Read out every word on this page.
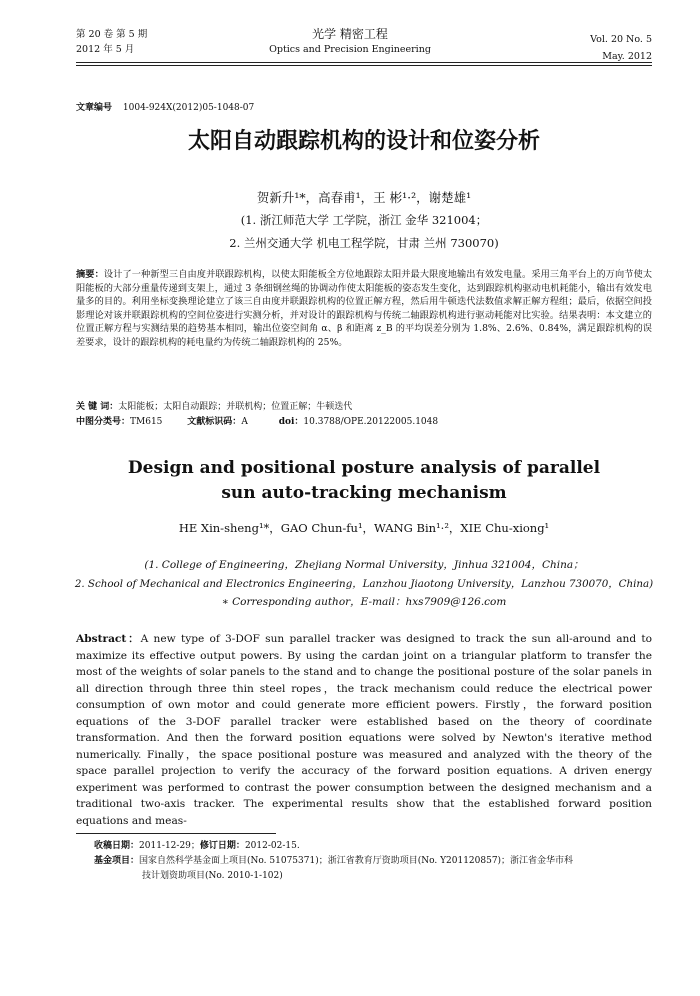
第 20 卷 第 5 期
2012 年 5 月
光学 精密工程
Optics and Precision Engineering
Vol. 20 No. 5
May. 2012
文章编号 1004-924X(2012)05-1048-07
太阳自动跟踪机构的设计和位姿分析
贺新升¹*，高春甫¹，王 彬¹·²，谢楚雄¹
(1. 浙江师范大学 工学院，浙江 金华 321004；
2. 兰州交通大学 机电工程学院，甘肃 兰州 730070)
摘要：设计了一种新型三自由度并联跟踪机构，以使太阳能板全方位地跟踪太阳并最大限度地输出有效发电量。采用三角平台上的万向节使太阳能板的大部分重量传递到支架上，通过 3 条细钢丝绳的协调动作使太阳能板的姿态发生变化，达到跟踪机构驱动电机耗能小，输出有效发电量多的目的。利用坐标变换理论建立了该三自由度并联跟踪机构的位置正解方程，然后用牛顿迭代法数值求解正解方程组；最后，依据空间投影理论对该并联跟踪机构的空间位姿进行实测分析，并对设计的跟踪机构与传统二轴跟踪机构进行驱动耗能对比实验。结果表明：本文建立的位置正解方程与实测结果的趋势基本相同，输出位姿空间角 α、β 和距离 z_B 的平均误差分别为 1.8%、2.6%、0.84%，满足跟踪机构的误差要求，设计的跟踪机构的耗电量约为传统二轴跟踪机构的 25%。
关 键 词：太阳能板；太阳自动跟踪；并联机构；位置正解；牛顿迭代
中图分类号：TM615	文献标识码：A	doi：10.3788/OPE.20122005.1048
Design and positional posture analysis of parallel
sun auto-tracking mechanism
HE Xin-sheng¹*，GAO Chun-fu¹，WANG Bin¹·²，XIE Chu-xiong¹
(1. College of Engineering，Zhejiang Normal University，Jinhua 321004，China；
2. School of Mechanical and Electronics Engineering，Lanzhou Jiaotong University，Lanzhou 730070，China)
∗ Corresponding author，E-mail：hxs7909@126.com
Abstract：A new type of 3-DOF sun parallel tracker was designed to track the sun all-around and to maximize its effective output powers. By using the cardan joint on a triangular platform to transfer the most of the weights of solar panels to the stand and to change the positional posture of the solar panels in all direction through three thin steel ropes，the track mechanism could reduce the electrical power consumption of own motor and could generate more efficient powers. Firstly，the forward position equations of the 3-DOF parallel tracker were established based on the theory of coordinate transformation. And then the forward position equations were solved by Newton's iterative method numerically. Finally，the space positional posture was measured and analyzed with the theory of the space parallel projection to verify the accuracy of the forward position equations. A driven energy experiment was performed to contrast the power consumption between the designed mechanism and a traditional two-axis tracker. The experimental results show that the established forward position equations and meas-
收稿日期：2011-12-29；修订日期：2012-02-15.
基金项目：国家自然科学基金面上项目(No. 51075371)；浙江省教育厅资助项目(No. Y201120857)；浙江省金华市科
技计划资助项目(No. 2010-1-102)
